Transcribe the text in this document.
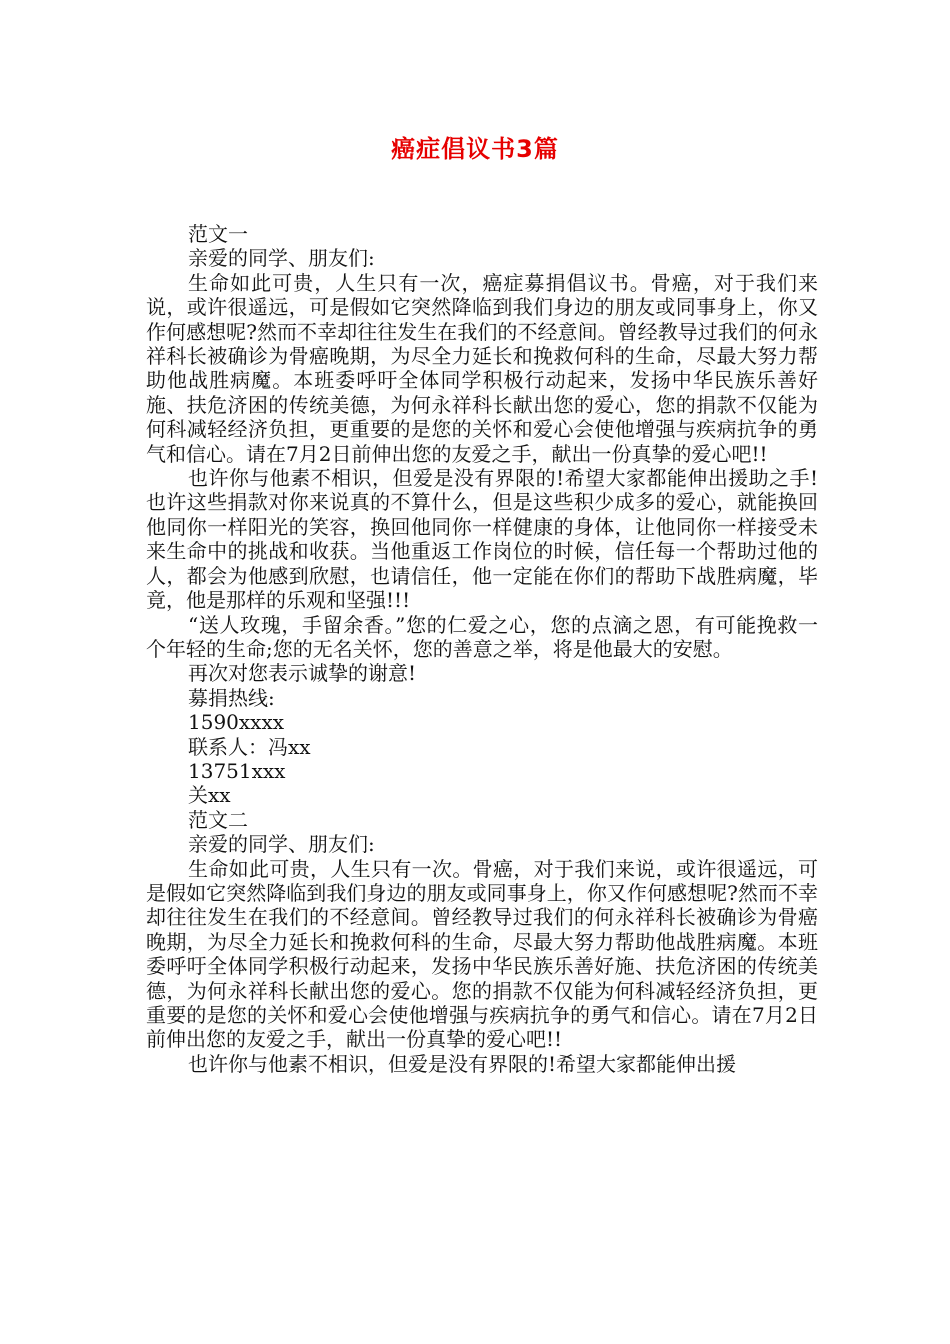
癌症倡议书3篇

范文一

亲爱的同学、朋友们:

生命如此可贵，人生只有一次，癌症募捐倡议书。骨癌，对于我们来说，或许很遥远，可是假如它突然降临到我们身边的朋友或同事身上，你又作何感想呢?然而不幸却往往发生在我们的不经意间。曾经教导过我们的何永祥科长被确诊为骨癌晚期，为尽全力延长和挽救何科的生命，尽最大努力帮助他战胜病魔。本班委呼吁全体同学积极行动起来，发扬中华民族乐善好施、扶危济困的传统美德，为何永祥科长献出您的爱心，您的捐款不仅能为何科减轻经济负担，更重要的是您的关怀和爱心会使他增强与疾病抗争的勇气和信心。请在7月2日前伸出您的友爱之手，献出一份真挚的爱心吧!!

也许你与他素不相识，但爱是没有界限的!希望大家都能伸出援助之手!也许这些捐款对你来说真的不算什么，但是这些积少成多的爱心，就能换回他同你一样阳光的笑容，换回他同你一样健康的身体，让他同你一样接受未来生命中的挑战和收获。当他重返工作岗位的时候，信任每一个帮助过他的人，都会为他感到欣慰，也请信任，他一定能在你们的帮助下战胜病魔，毕竟，他是那样的乐观和坚强!!!

“送人玫瑰，手留余香。”您的仁爱之心，您的点滴之恩，有可能挽救一个年轻的生命;您的无名关怀，您的善意之举，将是他最大的安慰。

再次对您表示诚挚的谢意!

募捐热线:

1590xxxx

联系人：冯xx

13751xxx

关xx

范文二

亲爱的同学、朋友们:

生命如此可贵，人生只有一次。骨癌，对于我们来说，或许很遥远，可是假如它突然降临到我们身边的朋友或同事身上，你又作何感想呢?然而不幸却往往发生在我们的不经意间。曾经教导过我们的何永祥科长被确诊为骨癌晚期，为尽全力延长和挽救何科的生命，尽最大努力帮助他战胜病魔。本班委呼吁全体同学积极行动起来，发扬中华民族乐善好施、扶危济困的传统美德，为何永祥科长献出您的爱心。您的捐款不仅能为何科减轻经济负担，更重要的是您的关怀和爱心会使他增强与疾病抗争的勇气和信心。请在7月2日前伸出您的友爱之手，献出一份真挚的爱心吧!!

也许你与他素不相识，但爱是没有界限的!希望大家都能伸出援
